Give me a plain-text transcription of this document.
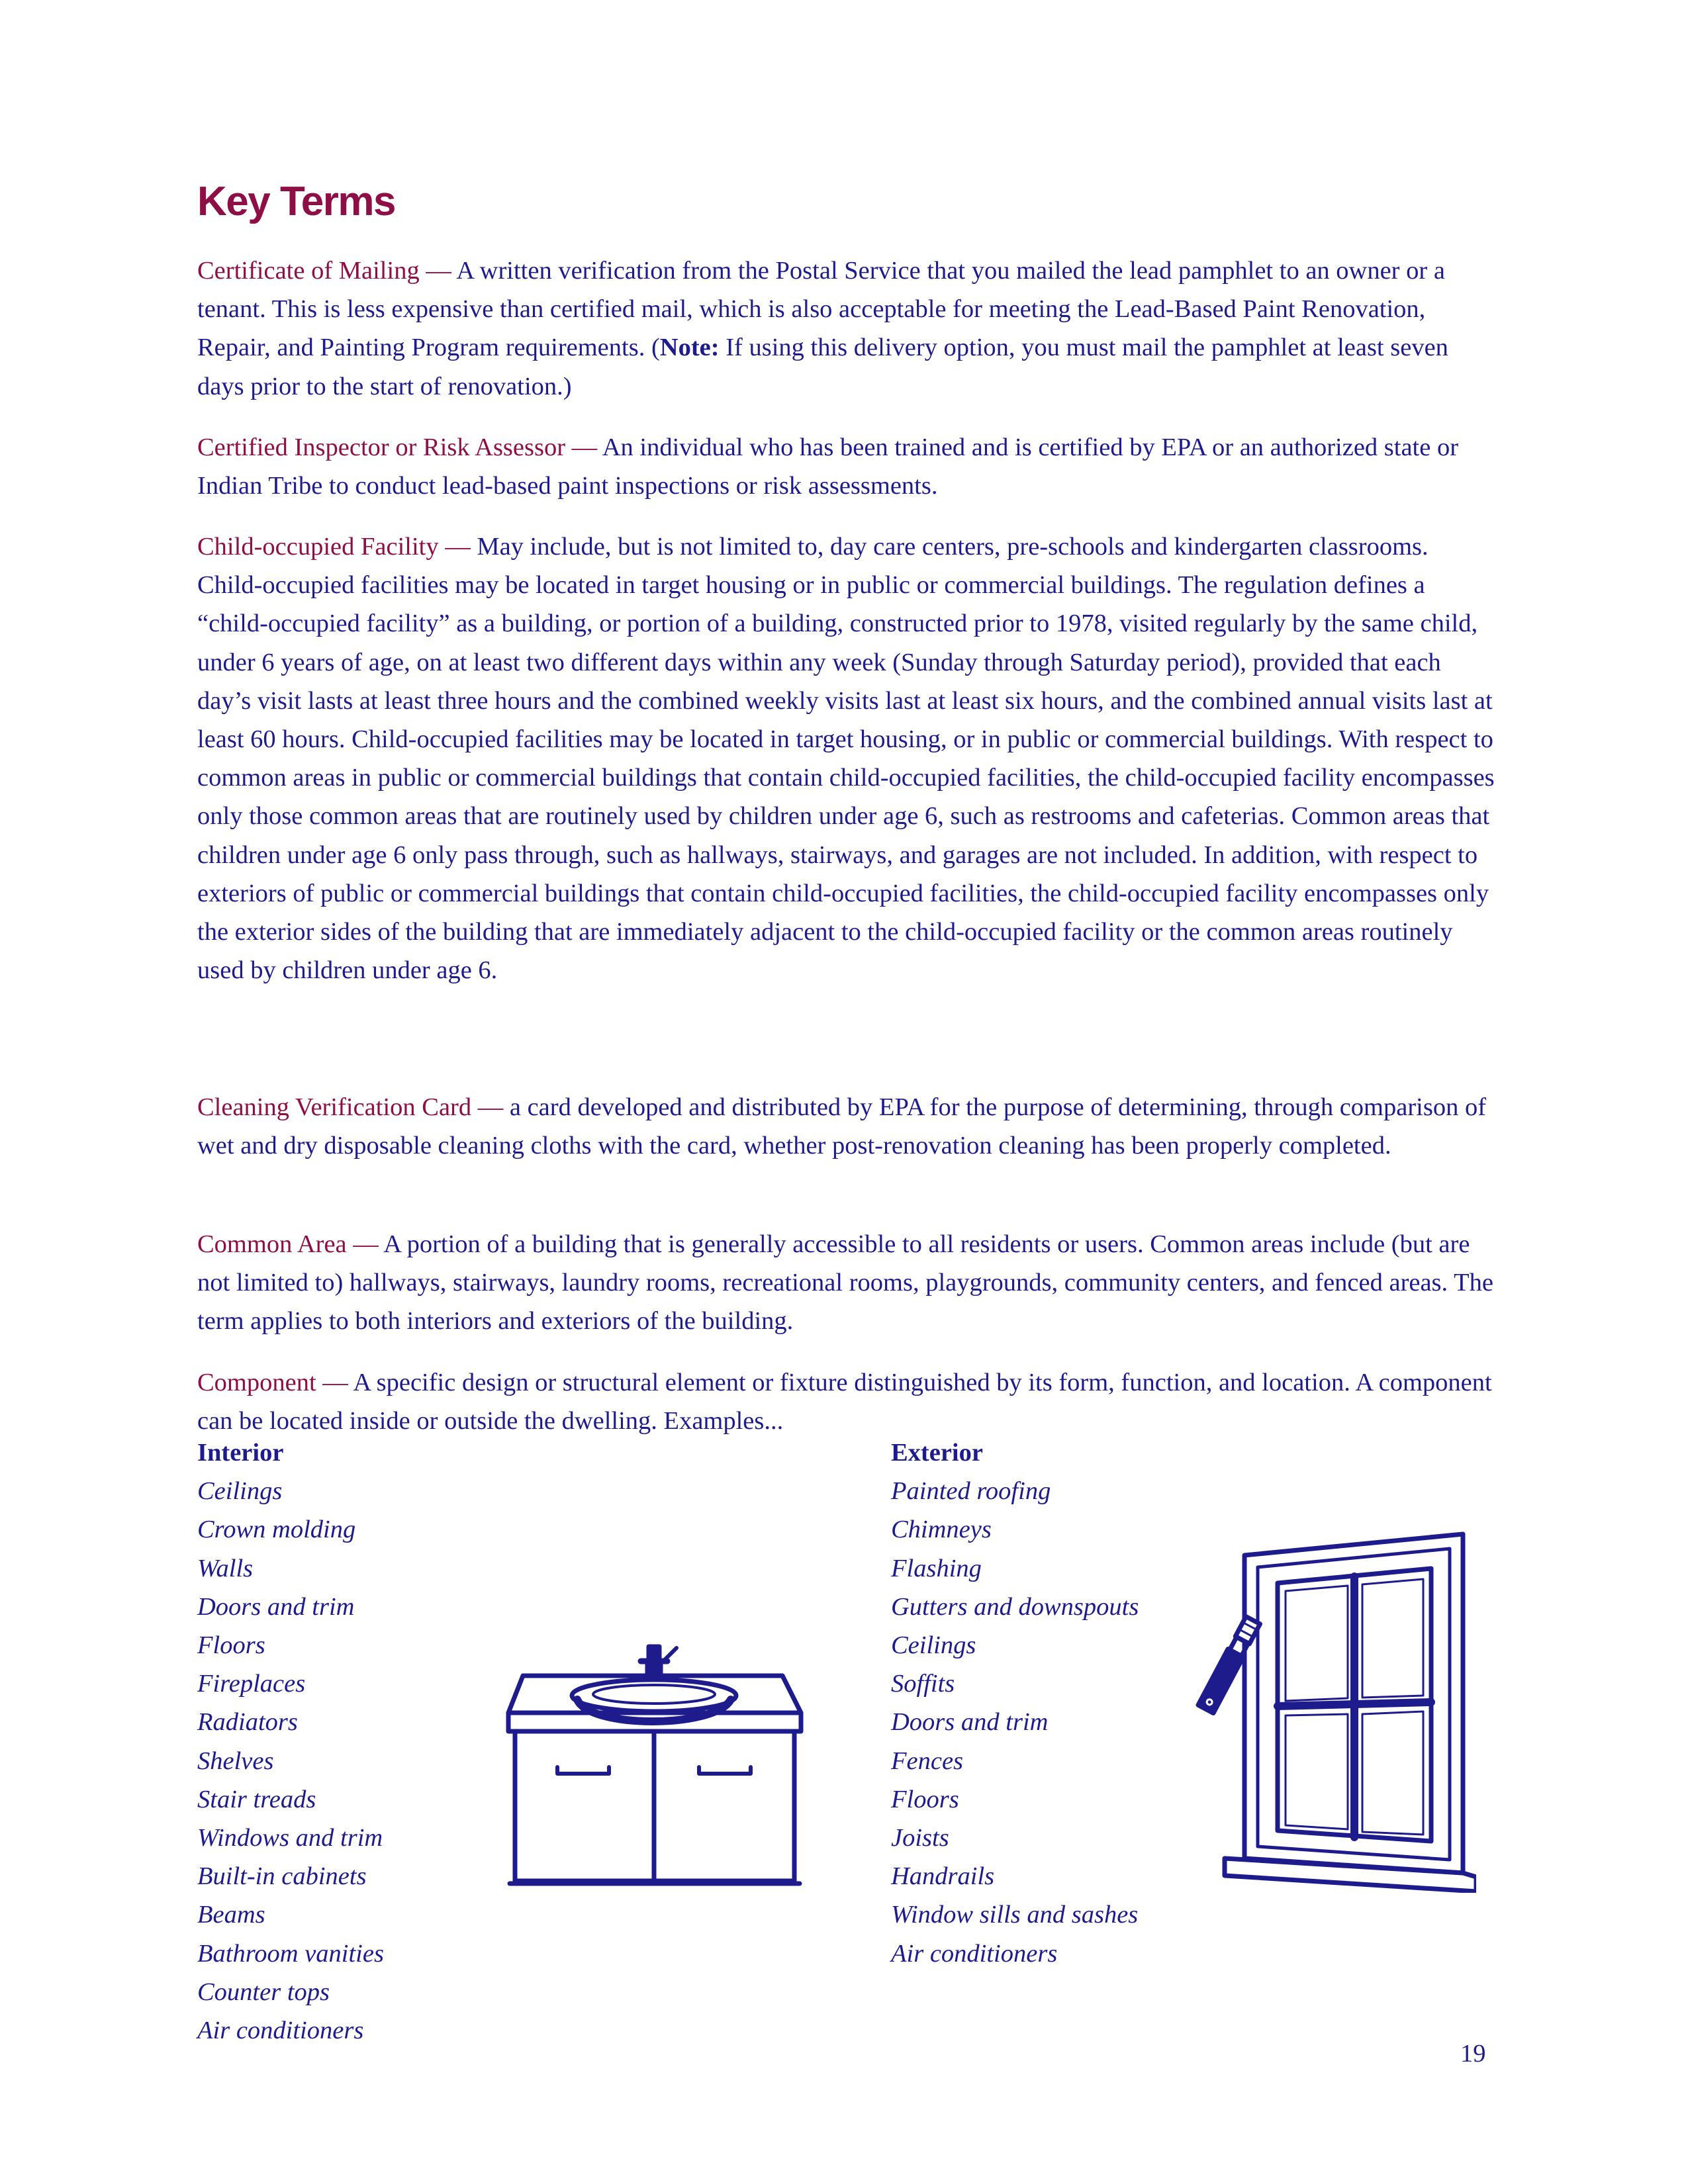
Key Terms

Certificate of Mailing — A written verification from the Postal Service that you mailed the lead pamphlet to an owner or a tenant. This is less expensive than certified mail, which is also acceptable for meeting the Lead-Based Paint Renovation, Repair, and Painting Program requirements. (Note: If using this delivery option, you must mail the pamphlet at least seven days prior to the start of renovation.)

Certified Inspector or Risk Assessor — An individual who has been trained and is certified by EPA or an authorized state or Indian Tribe to conduct lead-based paint inspections or risk assessments.

Child-occupied Facility — May include, but is not limited to, day care centers, pre-schools and kindergarten classrooms. Child-occupied facilities may be located in target housing or in public or commercial buildings. The regulation defines a “child-occupied facility” as a building, or portion of a building, constructed prior to 1978, visited regularly by the same child, under 6 years of age, on at least two different days within any week (Sunday through Saturday period), provided that each day’s visit lasts at least three hours and the combined weekly visits last at least six hours, and the combined annual visits last at least 60 hours. Child-occupied facilities may be located in target housing, or in public or commercial buildings. With respect to common areas in public or commercial buildings that contain child-occupied facilities, the child-occupied facility encompasses only those common areas that are routinely used by children under age 6, such as restrooms and cafeterias. Common areas that children under age 6 only pass through, such as hallways, stairways, and garages are not included. In addition, with respect to exteriors of public or commercial buildings that contain child-occupied facilities, the child-occupied facility encompasses only the exterior sides of the building that are immediately adjacent to the child-occupied facility or the common areas routinely used by children under age 6.

Cleaning Verification Card — a card developed and distributed by EPA for the purpose of determining, through comparison of wet and dry disposable cleaning cloths with the card, whether post-renovation cleaning has been properly completed.

Common Area — A portion of a building that is generally accessible to all residents or users. Common areas include (but are not limited to) hallways, stairways, laundry rooms, recreational rooms, playgrounds, community centers, and fenced areas. The term applies to both interiors and exteriors of the building.

Component — A specific design or structural element or fixture distinguished by its form, function, and location. A component can be located inside or outside the dwelling. Examples...

Interior
Ceilings
Crown molding
Walls
Doors and trim
Floors
Fireplaces
Radiators
Shelves
Stair treads
Windows and trim
Built-in cabinets
Beams
Bathroom vanities
Counter tops
Air conditioners
Exterior
Painted roofing
Chimneys
Flashing
Gutters and downspouts
Ceilings
Soffits
Doors and trim
Fences
Floors
Joists
Handrails
Window sills and sashes
Air conditioners
19
